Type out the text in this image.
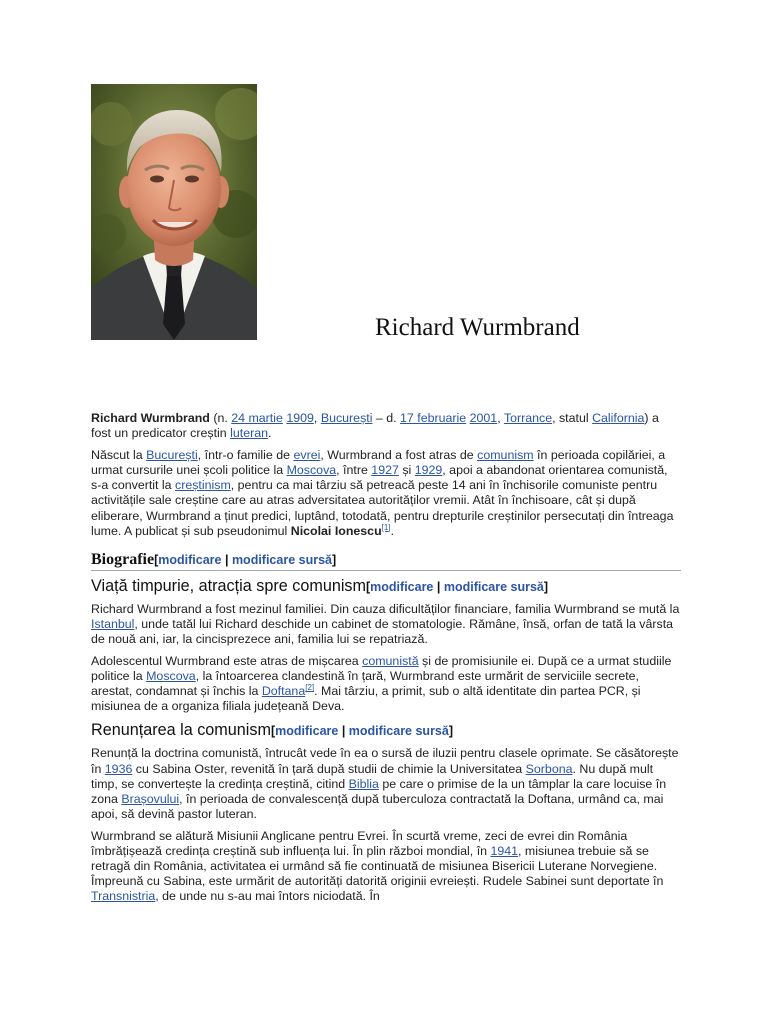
Richard Wurmbrand

Richard Wurmbrand (n. 24 martie 1909, București – d. 17 februarie 2001, Torrance, statul California) a fost un predicator creștin luteran.

Născut la București, într-o familie de evrei, Wurmbrand a fost atras de comunism în perioada copilăriei, a urmat cursurile unei școli politice la Moscova, între 1927 și 1929, apoi a abandonat orientarea comunistă, s-a convertit la creștinism, pentru ca mai târziu să petreacă peste 14 ani în închisorile comuniste pentru activitățile sale creștine care au atras adversitatea autorităților vremii. Atât în închisoare, cât și după eliberare, Wurmbrand a ținut predici, luptând, totodată, pentru drepturile creștinilor persecutați din întreaga lume. A publicat și sub pseudonimul Nicolai Ionescu[1].

Biografie[modificare | modificare sursă]
Viață timpurie, atracția spre comunism[modificare | modificare sursă]

Richard Wurmbrand a fost mezinul familiei. Din cauza dificultăților financiare, familia Wurmbrand se mută la Istanbul, unde tatăl lui Richard deschide un cabinet de stomatologie. Rămâne, însă, orfan de tată la vârsta de nouă ani, iar, la cincisprezece ani, familia lui se repatriază.

Adolescentul Wurmbrand este atras de mișcarea comunistă și de promisiunile ei. După ce a urmat studiile politice la Moscova, la întoarcerea clandestină în țară, Wurmbrand este urmărit de serviciile secrete, arestat, condamnat și închis la Doftana[2]. Mai târziu, a primit, sub o altă identitate din partea PCR, și misiunea de a organiza filiala județeană Deva.

Renunțarea la comunism[modificare | modificare sursă]

Renunță la doctrina comunistă, întrucât vede în ea o sursă de iluzii pentru clasele oprimate. Se căsătorește în 1936 cu Sabina Oster, revenită în țară după studii de chimie la Universitatea Sorbona. Nu după mult timp, se convertește la credința creștină, citind Biblia pe care o primise de la un tâmplar la care locuise în zona Brașovului, în perioada de convalescență după tuberculoza contractată la Doftana, urmând ca, mai apoi, să devină pastor luteran.

Wurmbrand se alătură Misiunii Anglicane pentru Evrei. În scurtă vreme, zeci de evrei din România îmbrățișează credința creștină sub influența lui. În plin război mondial, în 1941, misiunea trebuie să se retragă din România, activitatea ei urmând să fie continuată de misiunea Bisericii Luterane Norvegiene. Împreună cu Sabina, este urmărit de autorități datorită originii evreiești. Rudele Sabinei sunt deportate în Transnistria, de unde nu s-au mai întors niciodată. În
